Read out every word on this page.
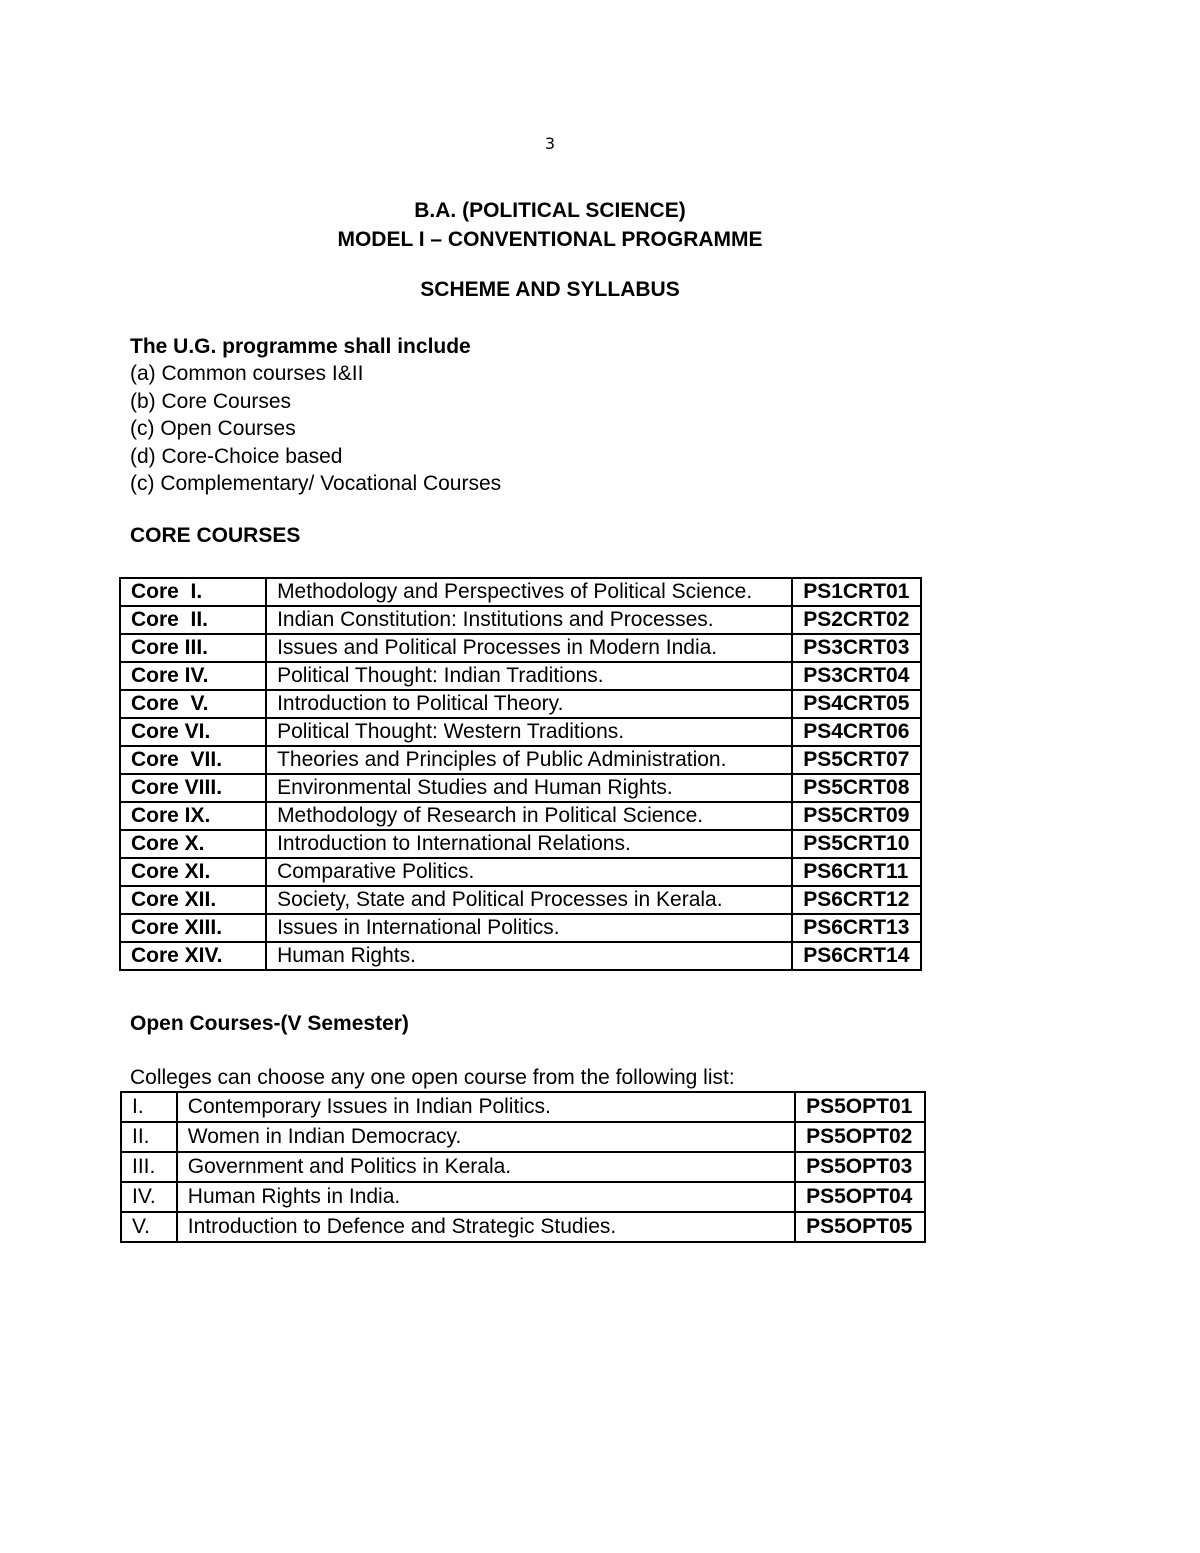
3
B.A. (POLITICAL SCIENCE)
MODEL I – CONVENTIONAL PROGRAMME
SCHEME AND SYLLABUS
The U.G. programme shall include
(a) Common courses I&II
(b) Core Courses
(c) Open Courses
(d) Core-Choice based
(c) Complementary/ Vocational Courses
CORE COURSES
Core  I.	Methodology and Perspectives of Political Science.	PS1CRT01
Core  II.	Indian Constitution: Institutions and Processes.	PS2CRT02
Core III.	Issues and Political Processes in Modern India.	PS3CRT03
Core IV.	Political Thought: Indian Traditions.	PS3CRT04
Core  V.	Introduction to Political Theory.	PS4CRT05
Core VI.	Political Thought: Western Traditions.	PS4CRT06
Core  VII.	Theories and Principles of Public Administration.	PS5CRT07
Core VIII.	Environmental Studies and Human Rights.	PS5CRT08
Core IX.	Methodology of Research in Political Science.	PS5CRT09
Core X.	Introduction to International Relations.	PS5CRT10
Core XI.	Comparative Politics.	PS6CRT11
Core XII.	Society, State and Political Processes in Kerala.	PS6CRT12
Core XIII.	Issues in International Politics.	PS6CRT13
Core XIV.	Human Rights.	PS6CRT14
Open Courses-(V Semester)
Colleges can choose any one open course from the following list:
I.	Contemporary Issues in Indian Politics.	PS5OPT01
II.	Women in Indian Democracy.	PS5OPT02
III.	Government and Politics in Kerala.	PS5OPT03
IV.	Human Rights in India.	PS5OPT04
V.	Introduction to Defence and Strategic Studies.	PS5OPT05
